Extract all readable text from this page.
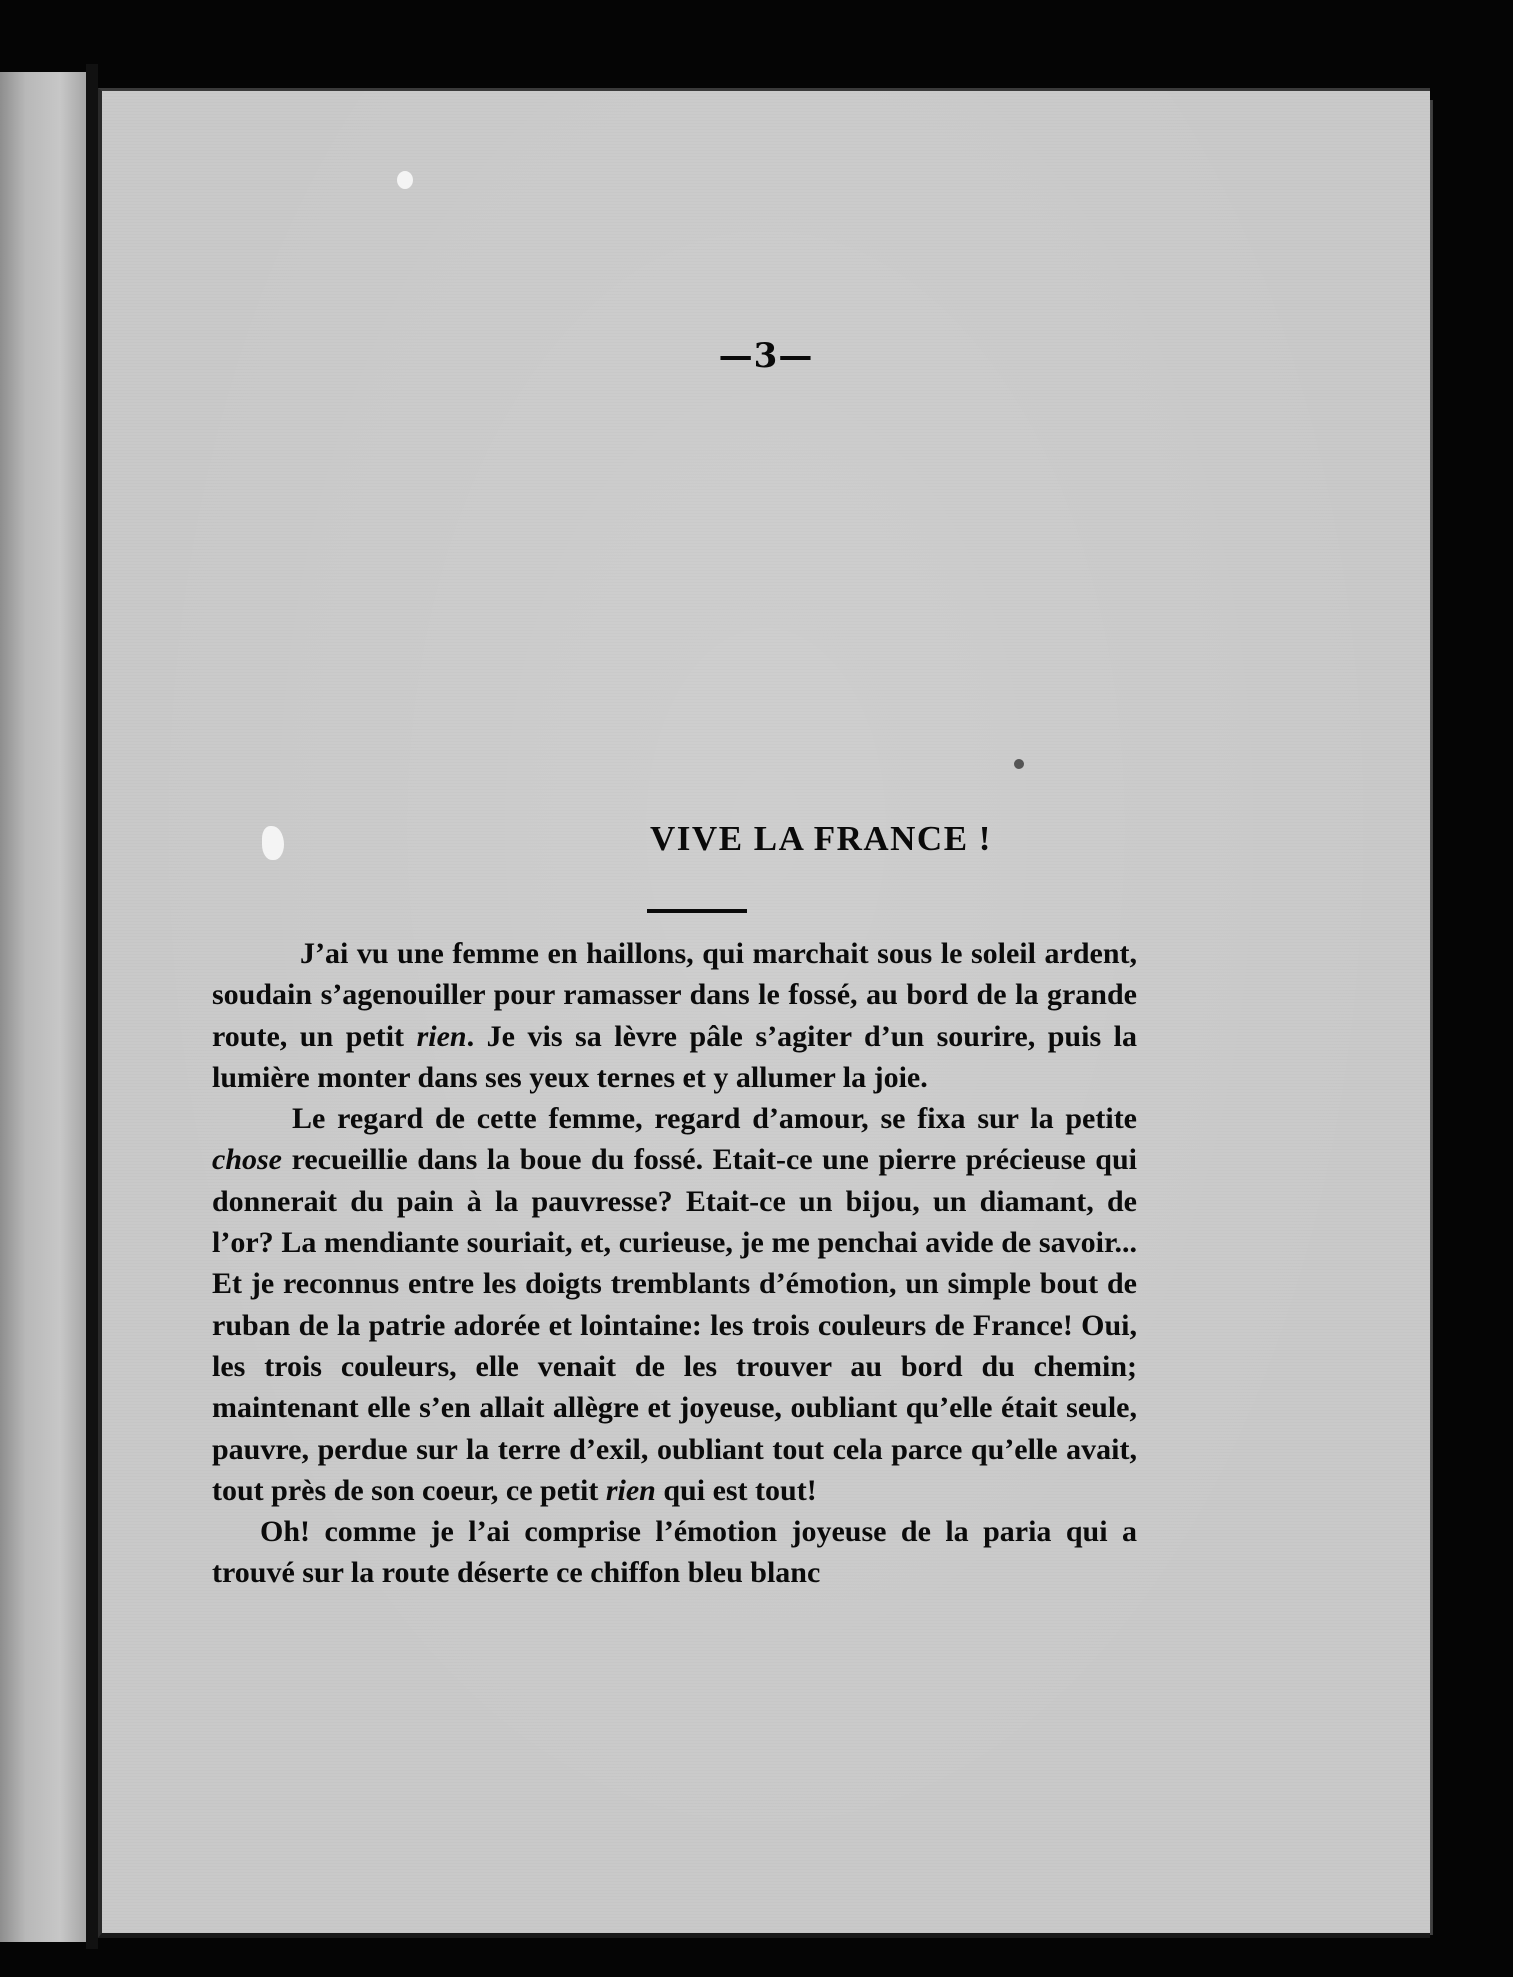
—3—
VIVE LA FRANCE !

J’ai vu une femme en haillons, qui marchait sous le soleil ardent, soudain s’agenouiller pour ramasser dans le fossé, au bord de la grande route, un petit rien. Je vis sa lèvre pâle s’agiter d’un sourire, puis la lumière monter dans ses yeux ternes et y allumer la joie.

Le regard de cette femme, regard d’amour, se fixa sur la petite chose recueillie dans la boue du fossé. Etait-ce une pierre précieuse qui donnerait du pain à la pauvresse? Etait-ce un bijou, un diamant, de l’or? La mendiante souriait, et, curieuse, je me penchai avide de savoir... Et je reconnus entre les doigts tremblants d’émotion, un simple bout de ruban de la patrie adorée et lointaine: les trois couleurs de France! Oui, les trois couleurs, elle venait de les trouver au bord du chemin; maintenant elle s’en allait allègre et joyeuse, oubliant qu’elle était seule, pauvre, perdue sur la terre d’exil, oubliant tout cela parce qu’elle avait, tout près de son coeur, ce petit rien qui est tout!

Oh! comme je l’ai comprise l’émotion joyeuse de la paria qui a trouvé sur la route déserte ce chiffon bleu blanc
